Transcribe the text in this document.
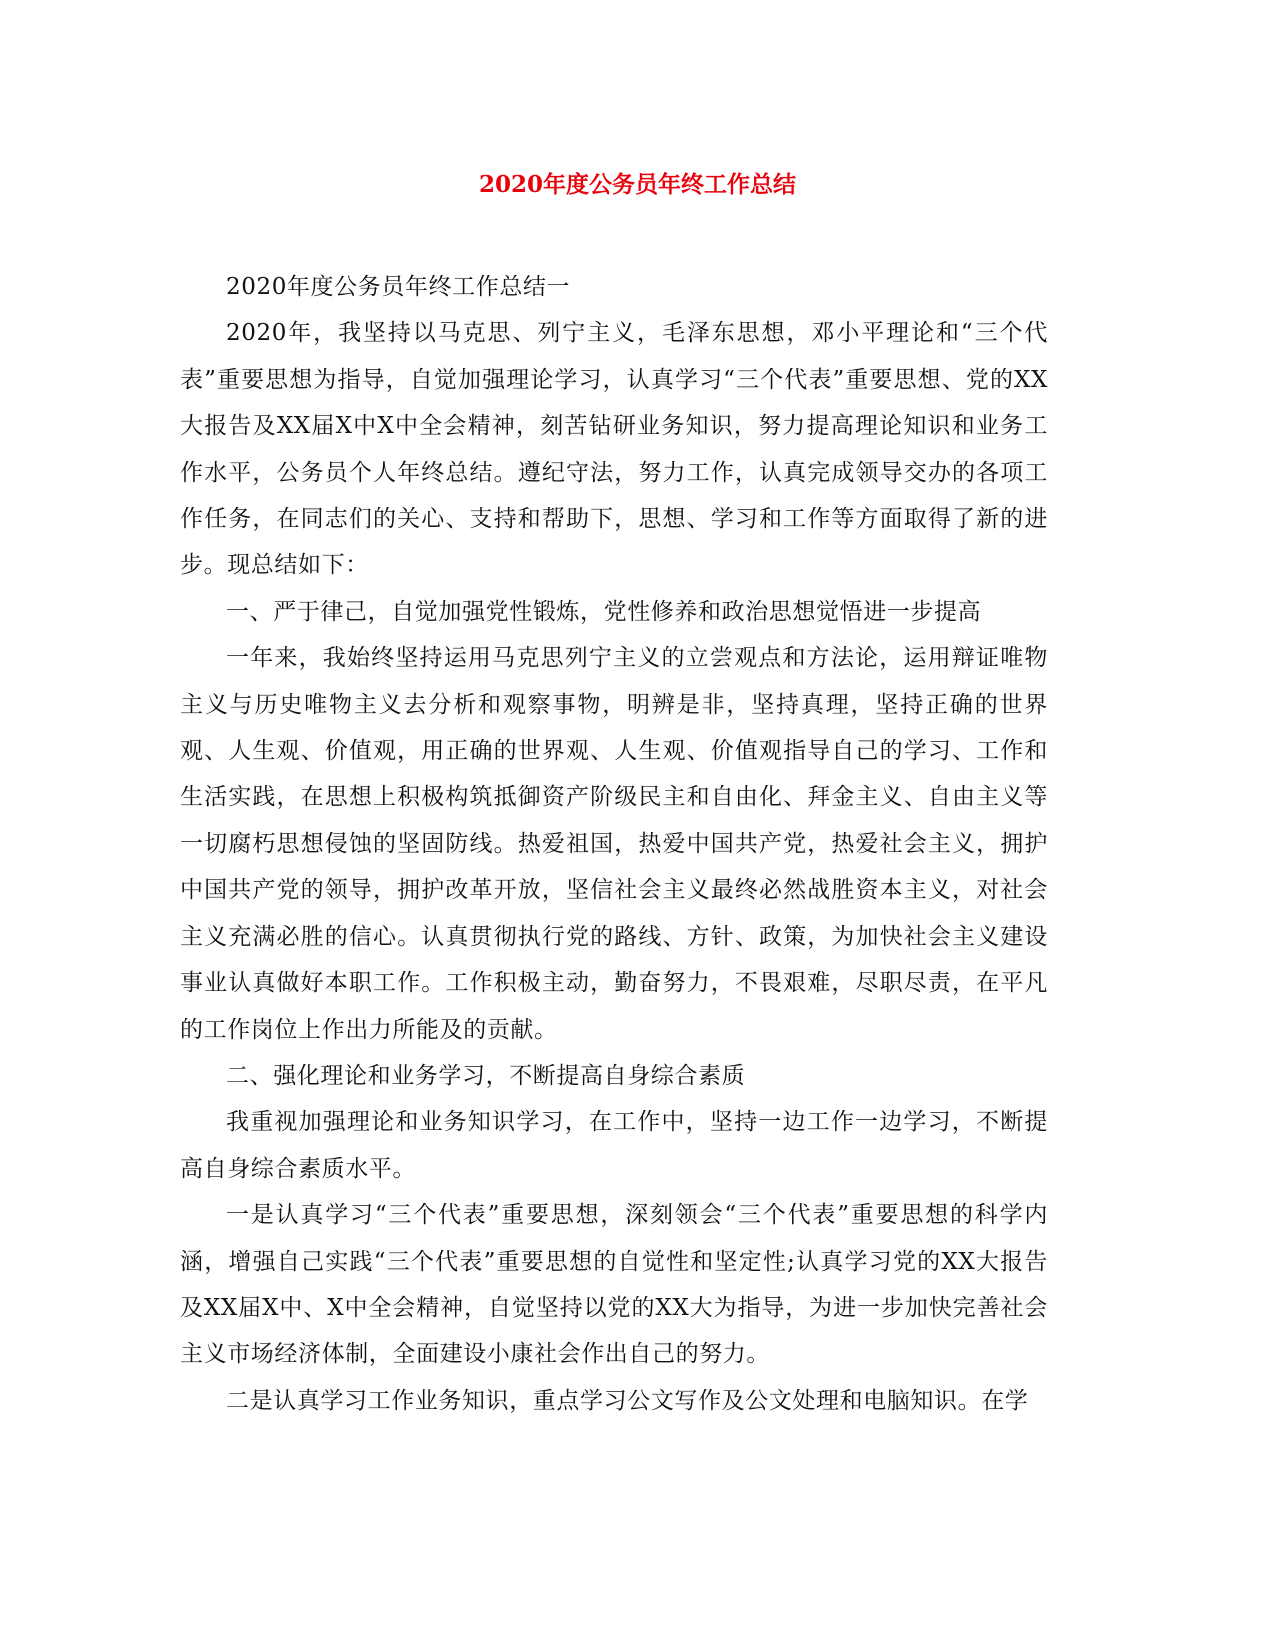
2020年度公务员年终工作总结

2020年度公务员年终工作总结一

2020年，我坚持以马克思、列宁主义，毛泽东思想，邓小平理论和“三个代表”重要思想为指导，自觉加强理论学习，认真学习“三个代表”重要思想、党的XX大报告及XX届X中X中全会精神，刻苦钻研业务知识，努力提高理论知识和业务工作水平，公务员个人年终总结。遵纪守法，努力工作，认真完成领导交办的各项工作任务，在同志们的关心、支持和帮助下，思想、学习和工作等方面取得了新的进步。现总结如下：

一、严于律己，自觉加强党性锻炼，党性修养和政治思想觉悟进一步提高

一年来，我始终坚持运用马克思列宁主义的立尝观点和方法论，运用辩证唯物主义与历史唯物主义去分析和观察事物，明辨是非，坚持真理，坚持正确的世界观、人生观、价值观，用正确的世界观、人生观、价值观指导自己的学习、工作和生活实践，在思想上积极构筑抵御资产阶级民主和自由化、拜金主义、自由主义等一切腐朽思想侵蚀的坚固防线。热爱祖国，热爱中国共产党，热爱社会主义，拥护中国共产党的领导，拥护改革开放，坚信社会主义最终必然战胜资本主义，对社会主义充满必胜的信心。认真贯彻执行党的路线、方针、政策，为加快社会主义建设事业认真做好本职工作。工作积极主动，勤奋努力，不畏艰难，尽职尽责，在平凡的工作岗位上作出力所能及的贡献。

二、强化理论和业务学习，不断提高自身综合素质

我重视加强理论和业务知识学习，在工作中，坚持一边工作一边学习，不断提高自身综合素质水平。

一是认真学习“三个代表”重要思想，深刻领会“三个代表”重要思想的科学内涵，增强自己实践“三个代表”重要思想的自觉性和坚定性;认真学习党的XX大报告及XX届X中、X中全会精神，自觉坚持以党的XX大为指导，为进一步加快完善社会主义市场经济体制，全面建设小康社会作出自己的努力。

二是认真学习工作业务知识，重点学习公文写作及公文处理和电脑知识。在学
